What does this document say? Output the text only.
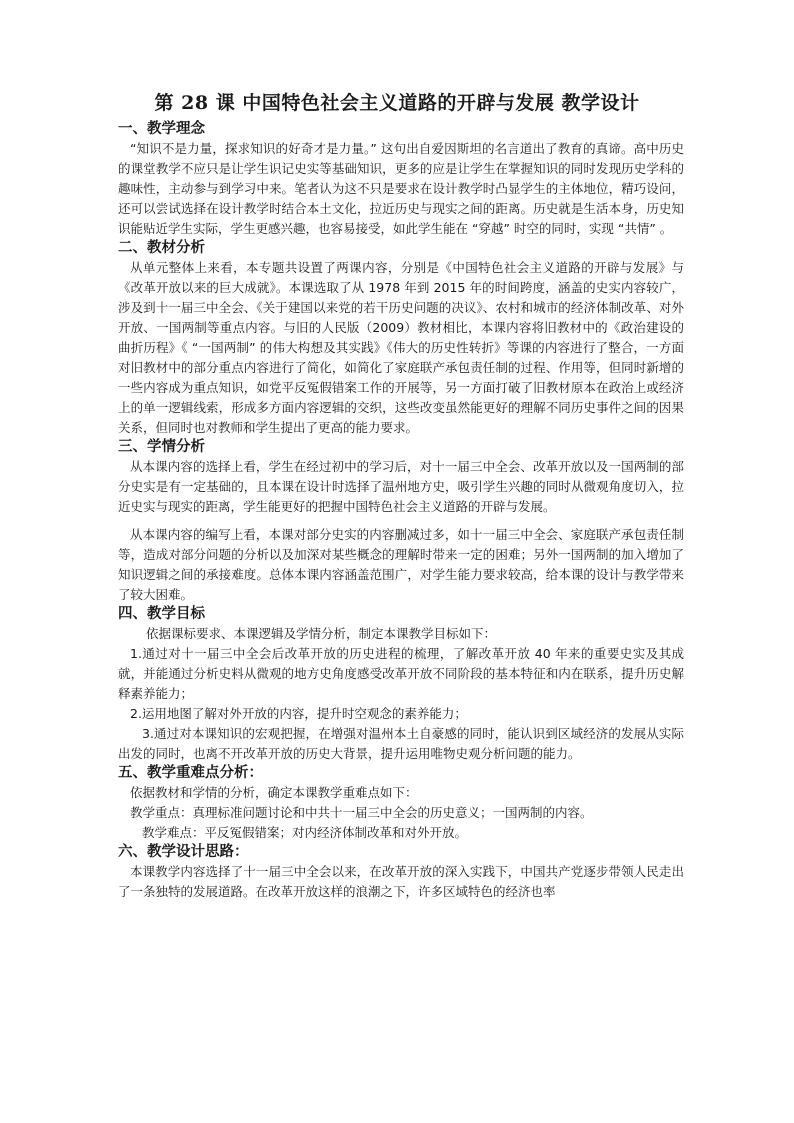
第 28 课 中国特色社会主义道路的开辟与发展 教学设计

一、教学理念

“知识不是力量，探求知识的好奇才是力量。” 这句出自爱因斯坦的名言道出了教育的真谛。高中历史的课堂教学不应只是让学生识记史实等基础知识，更多的应是让学生在掌握知识的同时发现历史学科的趣味性，主动参与到学习中来。笔者认为这不只是要求在设计教学时凸显学生的主体地位，精巧设问，还可以尝试选择在设计教学时结合本土文化，拉近历史与现实之间的距离。历史就是生活本身，历史知识能贴近学生实际，学生更感兴趣，也容易接受，如此学生能在 “穿越” 时空的同时，实现 “共情” 。

二、教材分析

从单元整体上来看，本专题共设置了两课内容，分别是《中国特色社会主义道路的开辟与发展》与《改革开放以来的巨大成就》。本课选取了从 1978 年到 2015 年的时间跨度，涵盖的史实内容较广，涉及到十一届三中全会、《关于建国以来党的若干历史问题的决议》、农村和城市的经济体制改革、对外开放、一国两制等重点内容。与旧的人民版（2009）教材相比，本课内容将旧教材中的《政治建设的曲折历程》《 “一国两制” 的伟大构想及其实践》《伟大的历史性转折》等课的内容进行了整合，一方面对旧教材中的部分重点内容进行了简化，如简化了家庭联产承包责任制的过程、作用等，但同时新增的一些内容成为重点知识，如党平反冤假错案工作的开展等，另一方面打破了旧教材原本在政治上或经济上的单一逻辑线索，形成多方面内容逻辑的交织，这些改变虽然能更好的理解不同历史事件之间的因果关系，但同时也对教师和学生提出了更高的能力要求。

三、学情分析

从本课内容的选择上看，学生在经过初中的学习后，对十一届三中全会、改革开放以及一国两制的部分史实是有一定基础的，且本课在设计时选择了温州地方史，吸引学生兴趣的同时从微观角度切入，拉近史实与现实的距离，学生能更好的把握中国特色社会主义道路的开辟与发展。

从本课内容的编写上看，本课对部分史实的内容删减过多，如十一届三中全会、家庭联产承包责任制等，造成对部分问题的分析以及加深对某些概念的理解时带来一定的困难；另外一国两制的加入增加了知识逻辑之间的承接难度。总体本课内容涵盖范围广，对学生能力要求较高，给本课的设计与教学带来了较大困难。

四、教学目标

依据课标要求、本课逻辑及学情分析，制定本课教学目标如下：

1.通过对十一届三中全会后改革开放的历史进程的梳理，了解改革开放 40 年来的重要史实及其成就，并能通过分析史料从微观的地方史角度感受改革开放不同阶段的基本特征和内在联系，提升历史解释素养能力；

2.运用地图了解对外开放的内容，提升时空观念的素养能力；

3.通过对本课知识的宏观把握，在增强对温州本土自豪感的同时，能认识到区域经济的发展从实际出发的同时，也离不开改革开放的历史大背景，提升运用唯物史观分析问题的能力。

五、教学重难点分析：

依据教材和学情的分析，确定本课教学重难点如下：

教学重点：真理标准问题讨论和中共十一届三中全会的历史意义；一国两制的内容。

教学难点：平反冤假错案；对内经济体制改革和对外开放。

六、教学设计思路：

本课教学内容选择了十一届三中全会以来，在改革开放的深入实践下，中国共产党逐步带领人民走出了一条独特的发展道路。在改革开放这样的浪潮之下，许多区域特色的经济也率
